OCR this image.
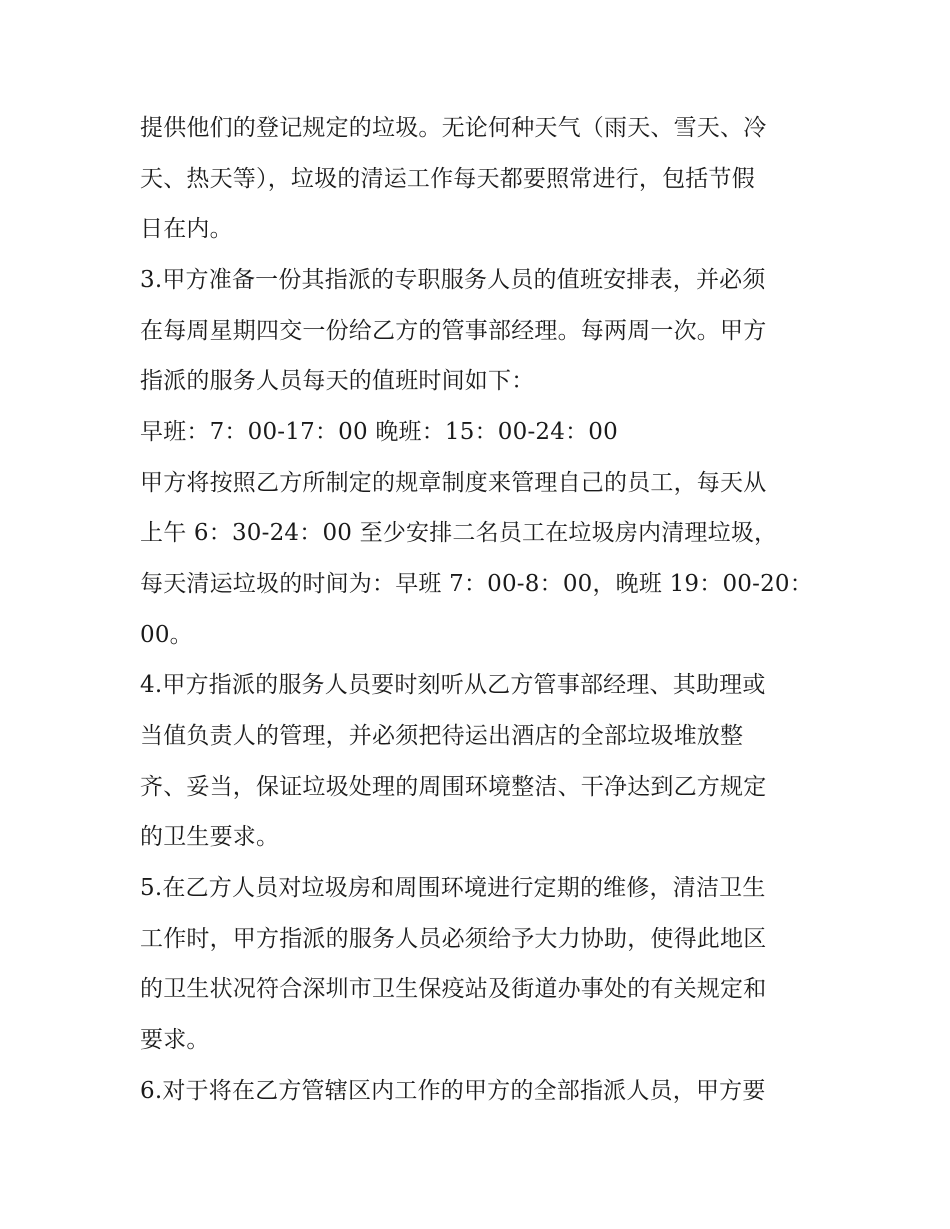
提供他们的登记规定的垃圾。无论何种天气（雨天、雪天、冷
天、热天等），垃圾的清运工作每天都要照常进行，包括节假
日在内。
3.甲方准备一份其指派的专职服务人员的值班安排表，并必须
在每周星期四交一份给乙方的管事部经理。每两周一次。甲方
指派的服务人员每天的值班时间如下：
早班：7：00-17：00 晚班：15：00-24：00
甲方将按照乙方所制定的规章制度来管理自己的员工，每天从
上午 6：30-24：00 至少安排二名员工在垃圾房内清理垃圾，
每天清运垃圾的时间为：早班 7：00-8：00，晚班 19：00-20：
00。
4.甲方指派的服务人员要时刻听从乙方管事部经理、其助理或
当值负责人的管理，并必须把待运出酒店的全部垃圾堆放整
齐、妥当，保证垃圾处理的周围环境整洁、干净达到乙方规定
的卫生要求。
5.在乙方人员对垃圾房和周围环境进行定期的维修，清洁卫生
工作时，甲方指派的服务人员必须给予大力协助，使得此地区
的卫生状况符合深圳市卫生保疫站及街道办事处的有关规定和
要求。
6.对于将在乙方管辖区内工作的甲方的全部指派人员，甲方要
